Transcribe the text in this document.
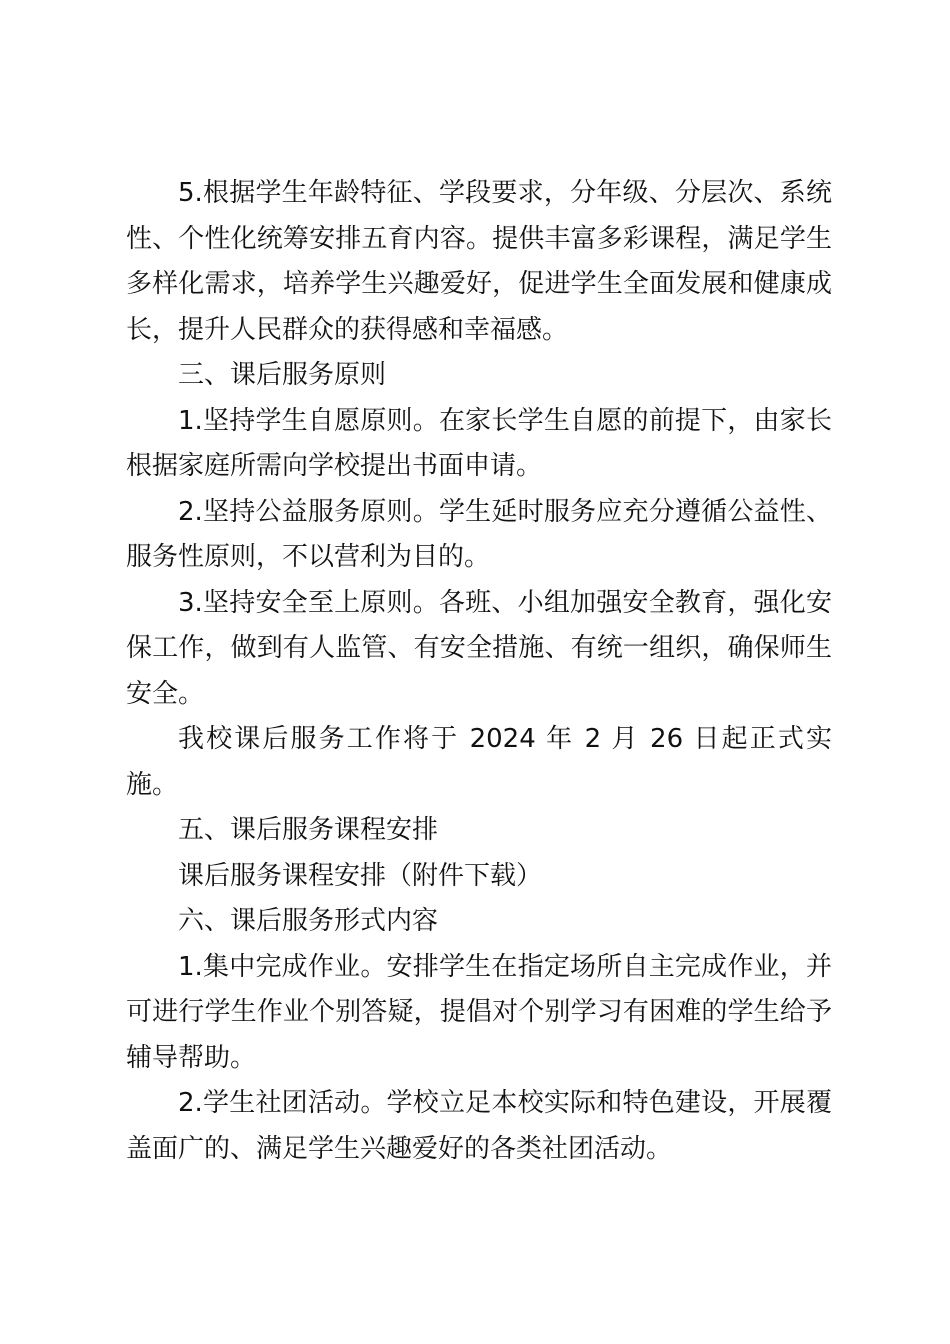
5.根据学生年龄特征、学段要求，分年级、分层次、系统性、个性化统筹安排五育内容。提供丰富多彩课程，满足学生多样化需求，培养学生兴趣爱好，促进学生全面发展和健康成长，提升人民群众的获得感和幸福感。

三、课后服务原则

1.坚持学生自愿原则。在家长学生自愿的前提下，由家长根据家庭所需向学校提出书面申请。

2.坚持公益服务原则。学生延时服务应充分遵循公益性、服务性原则，不以营利为目的。

3.坚持安全至上原则。各班、小组加强安全教育，强化安保工作，做到有人监管、有安全措施、有统一组织，确保师生安全。

我校课后服务工作将于 2024 年 2 月 26 日起正式实施。

五、课后服务课程安排

课后服务课程安排（附件下载）

六、课后服务形式内容

1.集中完成作业。安排学生在指定场所自主完成作业，并可进行学生作业个别答疑，提倡对个别学习有困难的学生给予辅导帮助。

2.学生社团活动。学校立足本校实际和特色建设，开展覆盖面广的、满足学生兴趣爱好的各类社团活动。
